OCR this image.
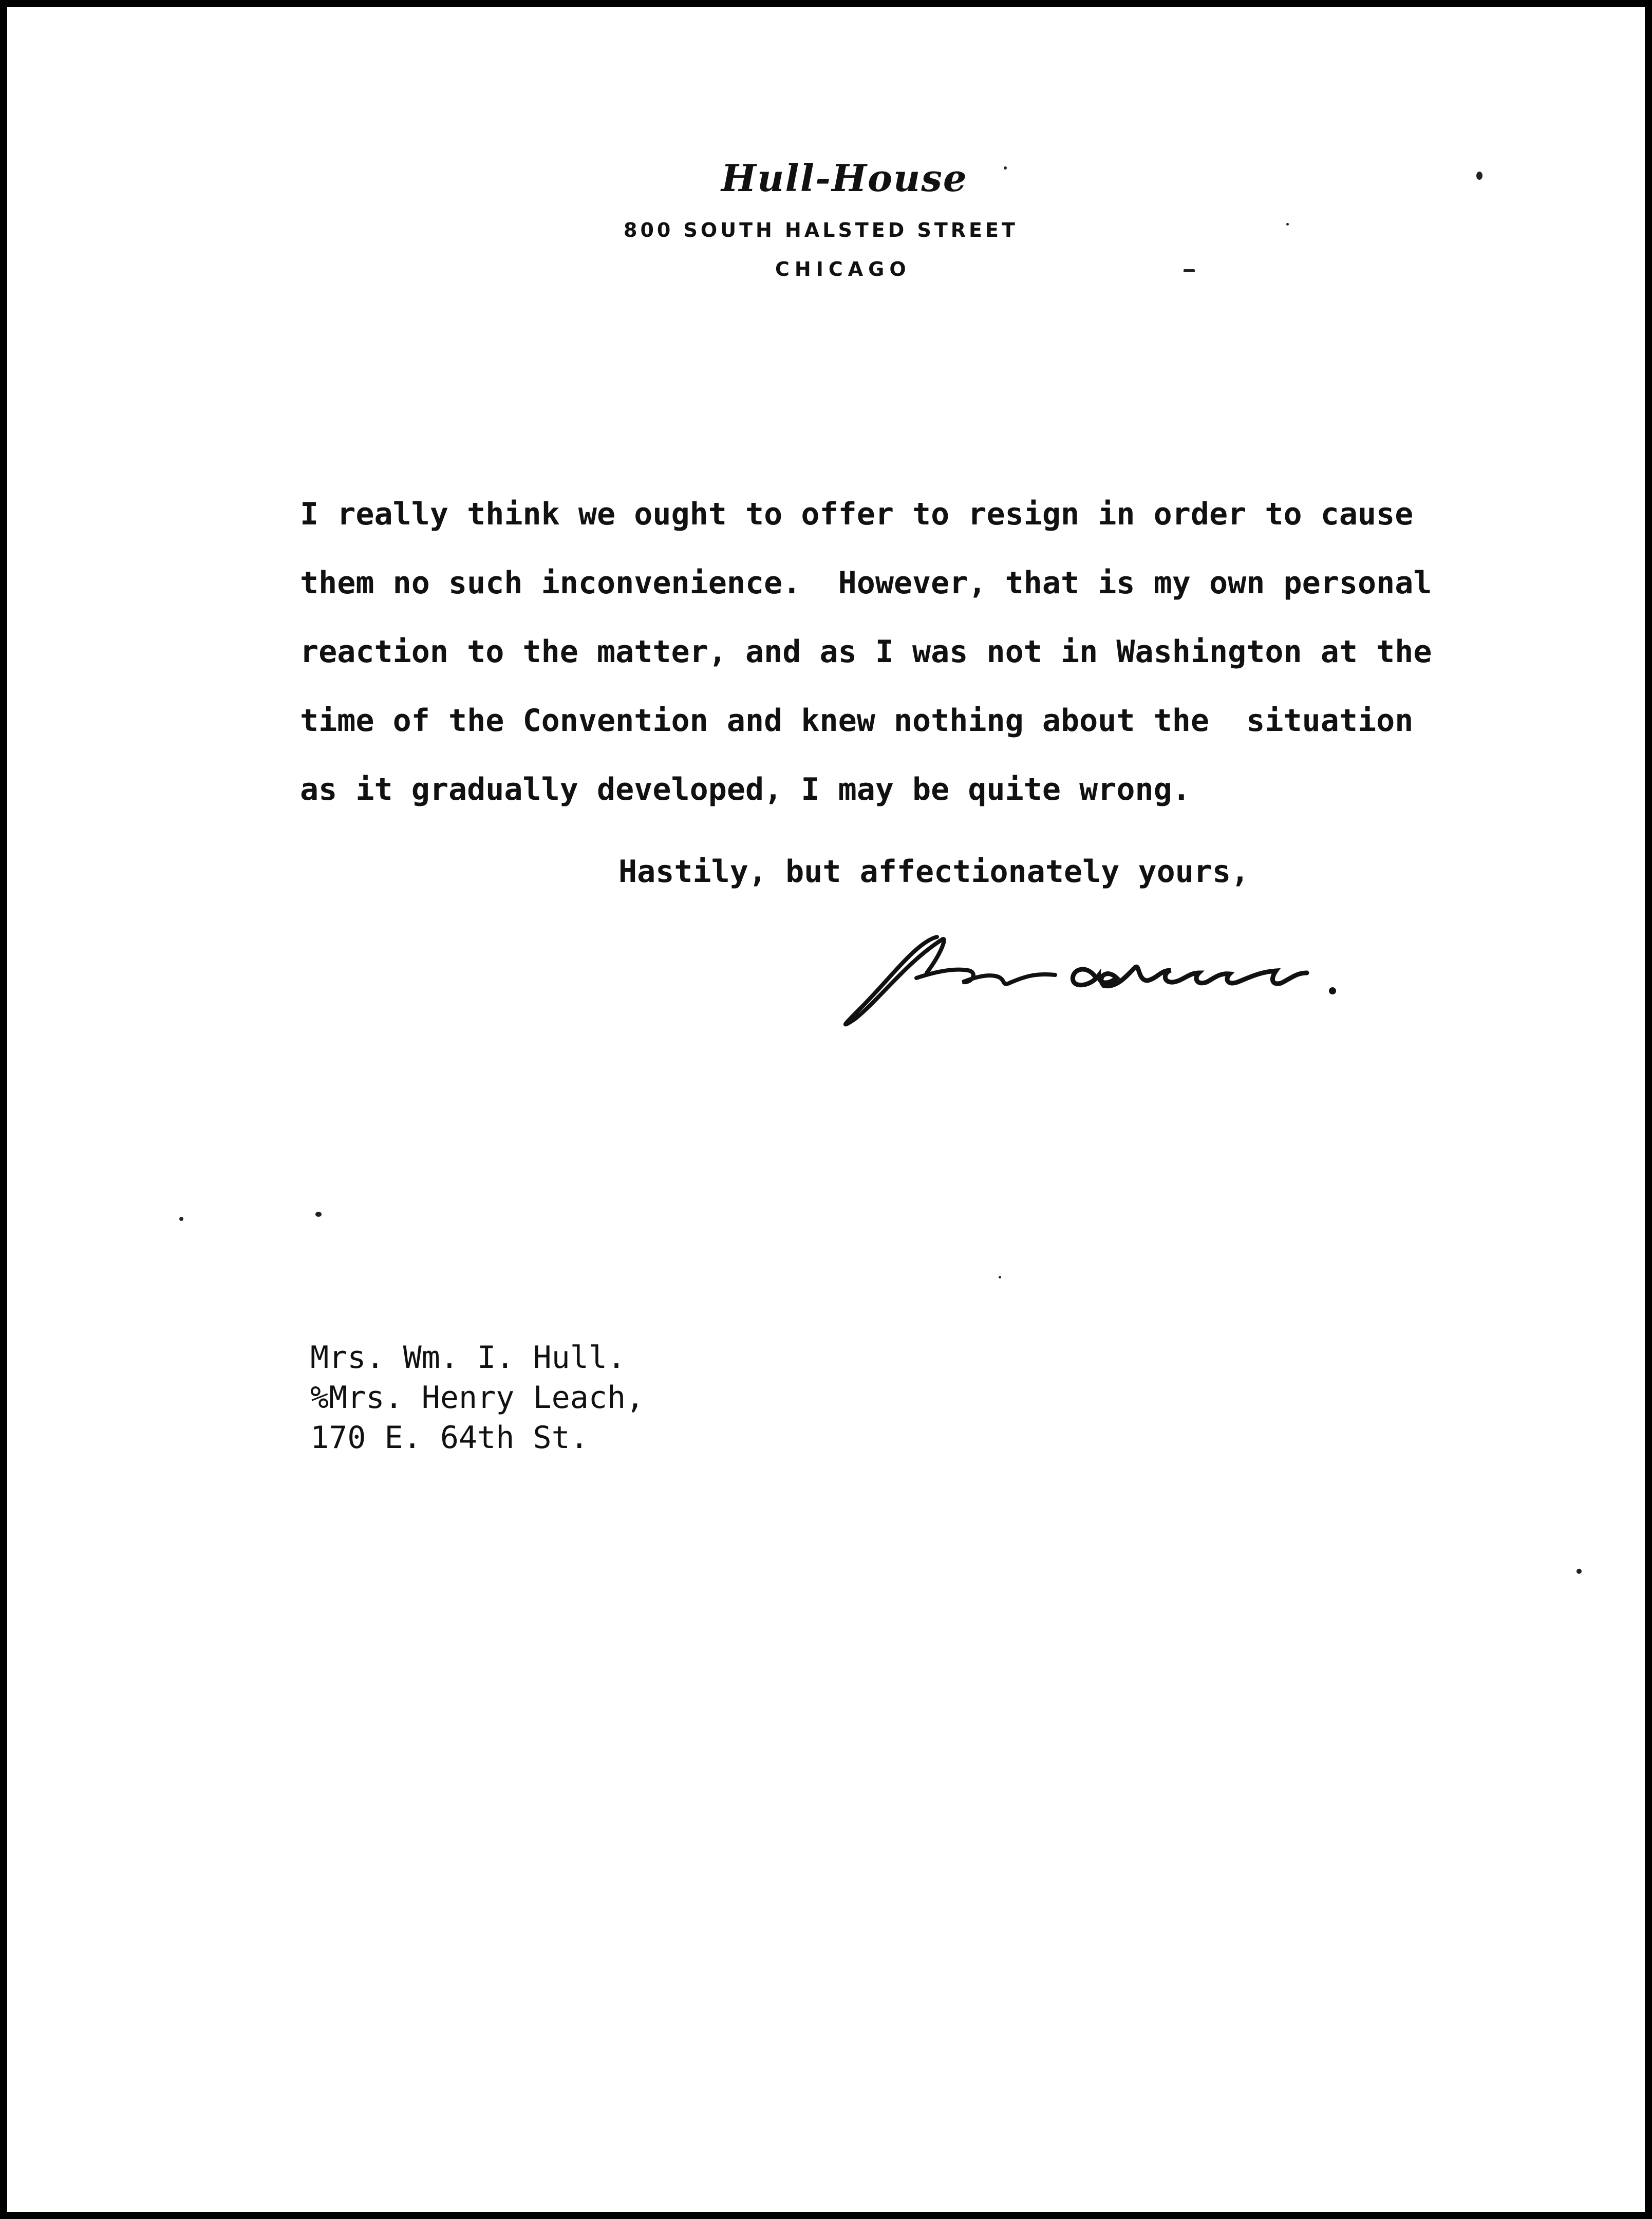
Hull-House
800 SOUTH HALSTED STREET
CHICAGO
I really think we ought to offer to resign in order to cause
them no such inconvenience.  However, that is my own personal
reaction to the matter, and as I was not in Washington at the
time of the Convention and knew nothing about the  situation
as it gradually developed, I may be quite wrong.
Hastily, but affectionately yours,
Mrs. Wm. I. Hull.
%Mrs. Henry Leach,
170 E. 64th St.
